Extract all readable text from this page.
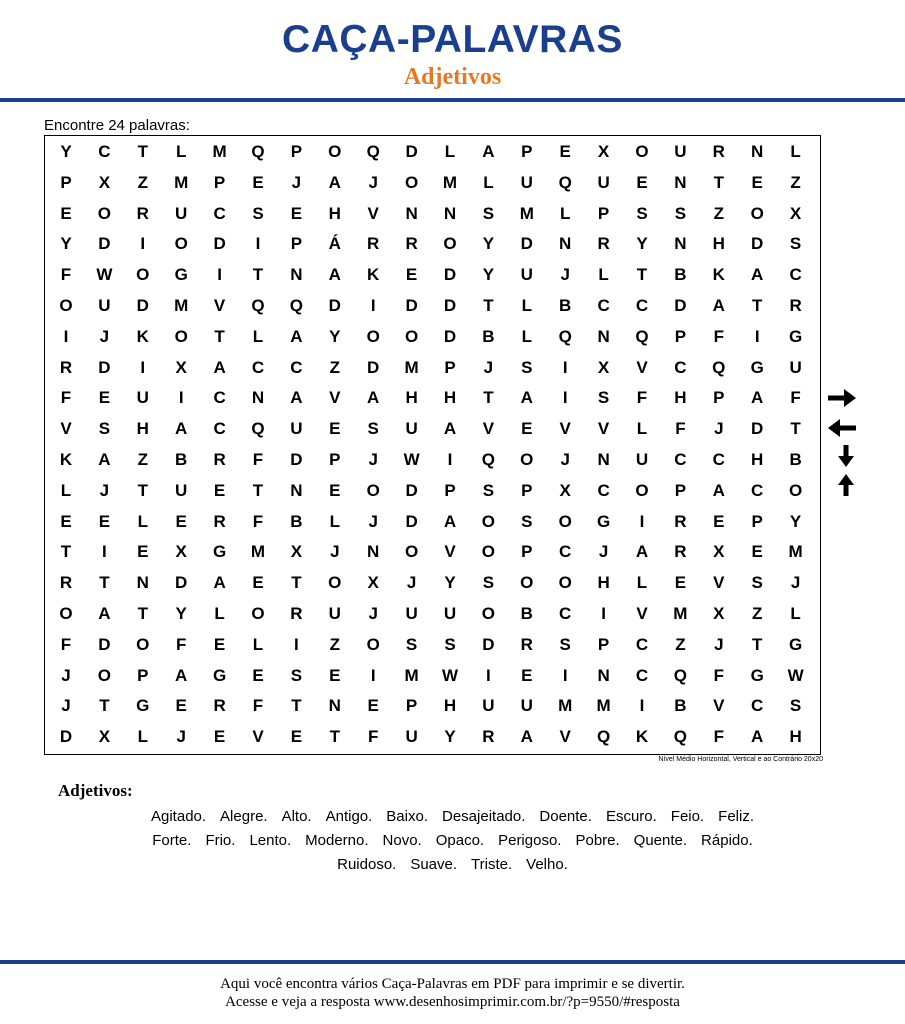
CAÇA-PALAVRAS
Adjetivos
Encontre 24 palavras:
Y	C	T	L	M	Q	P	O	Q	D	L	A	P	E	X	O	U	R	N	L
P	X	Z	M	P	E	J	A	J	O	M	L	U	Q	U	E	N	T	E	Z
E	O	R	U	C	S	E	H	V	N	N	S	M	L	P	S	S	Z	O	X
Y	D	I	O	D	I	P	Á	R	R	O	Y	D	N	R	Y	N	H	D	S
F	W	O	G	I	T	N	A	K	E	D	Y	U	J	L	T	B	K	A	C
O	U	D	M	V	Q	Q	D	I	D	D	T	L	B	C	C	D	A	T	R
I	J	K	O	T	L	A	Y	O	O	D	B	L	Q	N	Q	P	F	I	G
R	D	I	X	A	C	C	Z	D	M	P	J	S	I	X	V	C	Q	G	U
F	E	U	I	C	N	A	V	A	H	H	T	A	I	S	F	H	P	A	F
V	S	H	A	C	Q	U	E	S	U	A	V	E	V	V	L	F	J	D	T
K	A	Z	B	R	F	D	P	J	W	I	Q	O	J	N	U	C	C	H	B
L	J	T	U	E	T	N	E	O	D	P	S	P	X	C	O	P	A	C	O
E	E	L	E	R	F	B	L	J	D	A	O	S	O	G	I	R	E	P	Y
T	I	E	X	G	M	X	J	N	O	V	O	P	C	J	A	R	X	E	M
R	T	N	D	A	E	T	O	X	J	Y	S	O	O	H	L	E	V	S	J
O	A	T	Y	L	O	R	U	J	U	U	O	B	C	I	V	M	X	Z	L
F	D	O	F	E	L	I	Z	O	S	S	D	R	S	P	C	Z	J	T	G
J	O	P	A	G	E	S	E	I	M	W	I	E	I	N	C	Q	F	G	W
J	T	G	E	R	F	T	N	E	P	H	U	U	M	M	I	B	V	C	S
D	X	L	J	E	V	E	T	F	U	Y	R	A	V	Q	K	Q	F	A	H
Nível Médio Horizontal, Vertical e ao Contrário 20x20
Adjetivos:
Agitado. Alegre. Alto. Antigo. Baixo. Desajeitado. Doente. Escuro. Feio. Feliz.
Forte. Frio. Lento. Moderno. Novo. Opaco. Perigoso. Pobre. Quente. Rápido.
Ruidoso. Suave. Triste. Velho.
Aqui você encontra vários Caça-Palavras em PDF para imprimir e se divertir.
Acesse e veja a resposta www.desenhosimprimir.com.br/?p=9550/#resposta
